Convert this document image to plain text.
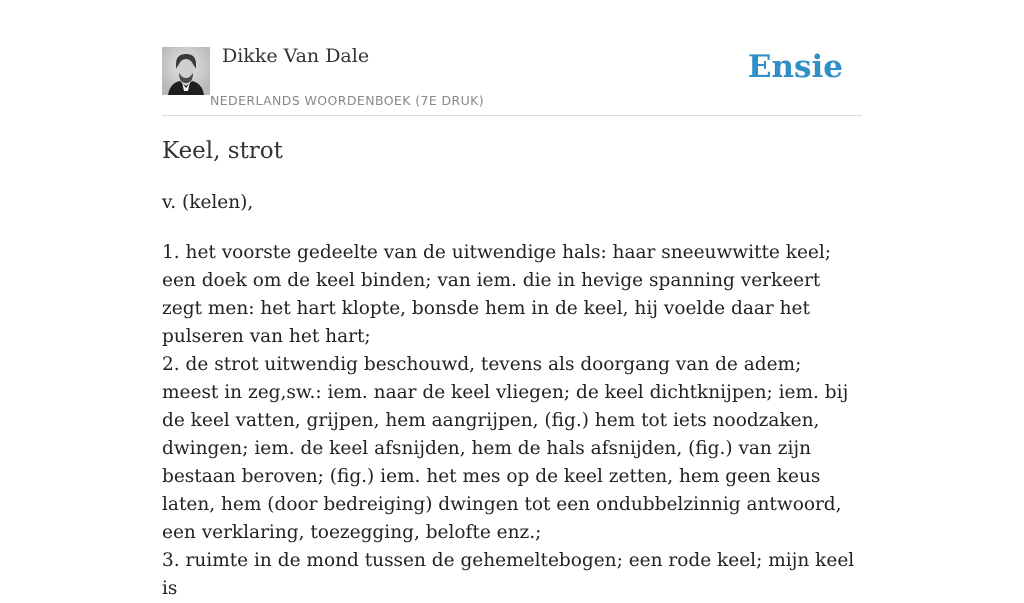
Dikke Van Dale
NEDERLANDS WOORDENBOEK (7E DRUK)
Ensie
Keel, strot
v. (kelen),
1. het voorste gedeelte van de uitwendige hals: haar sneeuwwitte keel; een doek om de keel binden; van iem. die in hevige spanning verkeert zegt men: het hart klopte, bonsde hem in de keel, hij voelde daar het pulseren van het hart;
2. de strot uitwendig beschouwd, tevens als doorgang van de adem; meest in zeg,sw.: iem. naar de keel vliegen; de keel dichtknijpen; iem. bij de keel vatten, grijpen, hem aangrijpen, (fig.) hem tot iets noodzaken, dwingen; iem. de keel afsnijden, hem de hals afsnijden, (fig.) van zijn bestaan beroven; (fig.) iem. het mes op de keel zetten, hem geen keus laten, hem (door bedreiging) dwingen tot een ondubbelzinnig antwoord, een verklaring, toezegging, belofte enz.;
3. ruimte in de mond tussen de gehemeltebogen; een rode keel; mijn keel is
